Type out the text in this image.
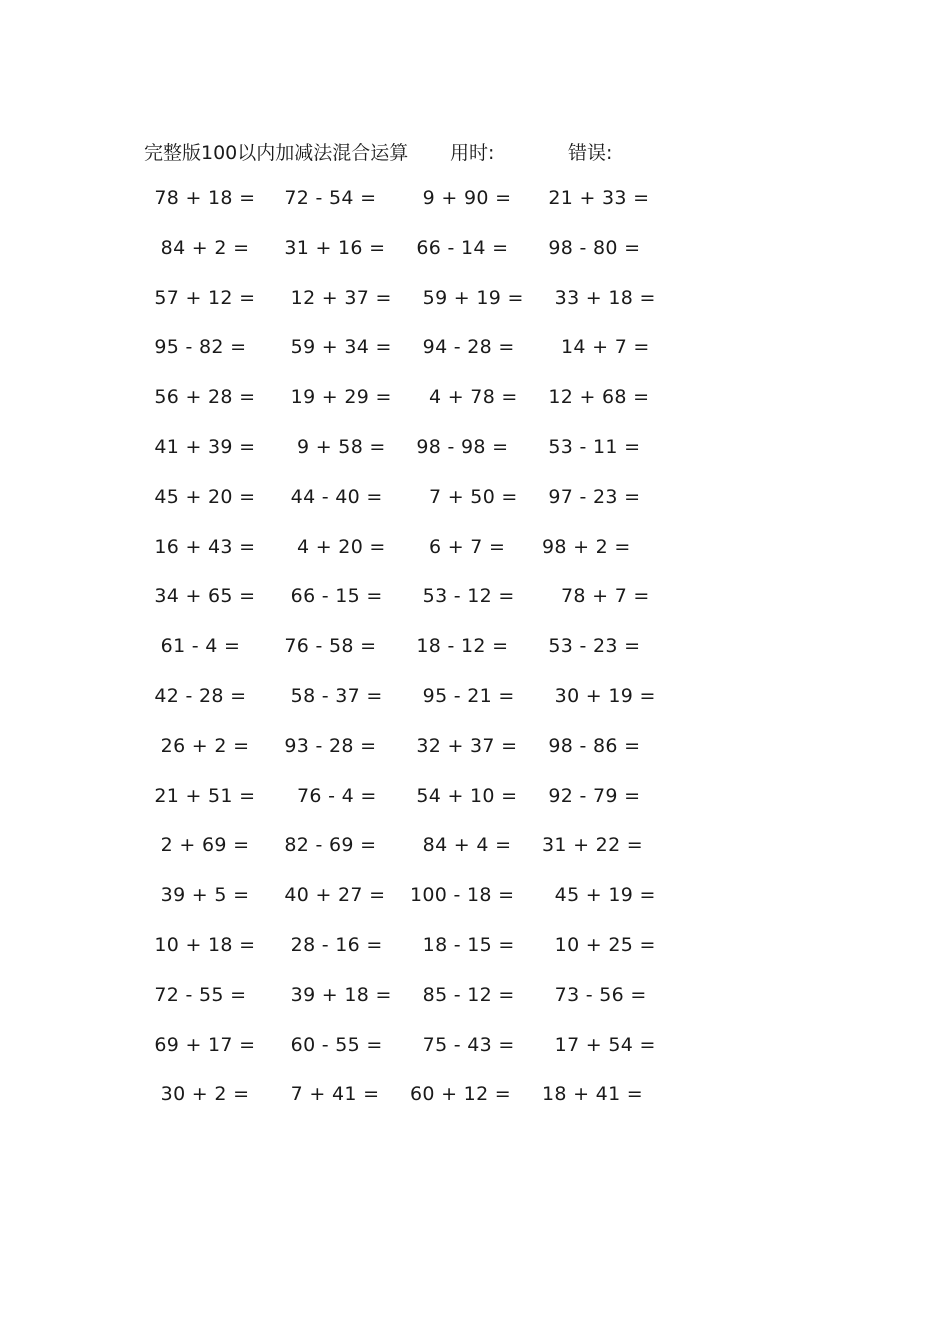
完整版100以内加减法混合运算 用时:	错误:
78 + 18 = 72 - 54 = 9 + 90 = 21 + 33 =
84 + 2 = 31 + 16 = 66 - 14 = 98 - 80 =
57 + 12 = 12 + 37 = 59 + 19 = 33 + 18 =
95 - 82 = 59 + 34 = 94 - 28 = 14 + 7 =
56 + 28 = 19 + 29 = 4 + 78 = 12 + 68 =
41 + 39 = 9 + 58 = 98 - 98 = 53 - 11 =
45 + 20 = 44 - 40 = 7 + 50 = 97 - 23 =
16 + 43 = 4 + 20 = 6 + 7 = 98 + 2 =
34 + 65 = 66 - 15 = 53 - 12 = 78 + 7 =
61 - 4 = 76 - 58 = 18 - 12 = 53 - 23 =
42 - 28 = 58 - 37 = 95 - 21 = 30 + 19 =
26 + 2 = 93 - 28 = 32 + 37 = 98 - 86 =
21 + 51 = 76 - 4 = 54 + 10 = 92 - 79 =
2 + 69 = 82 - 69 = 84 + 4 = 31 + 22 =
39 + 5 = 40 + 27 = 100 - 18 = 45 + 19 =
10 + 18 = 28 - 16 = 18 - 15 = 10 + 25 =
72 - 55 = 39 + 18 = 85 - 12 = 73 - 56 =
69 + 17 = 60 - 55 = 75 - 43 = 17 + 54 =
30 + 2 = 7 + 41 = 60 + 12 = 18 + 41 =
